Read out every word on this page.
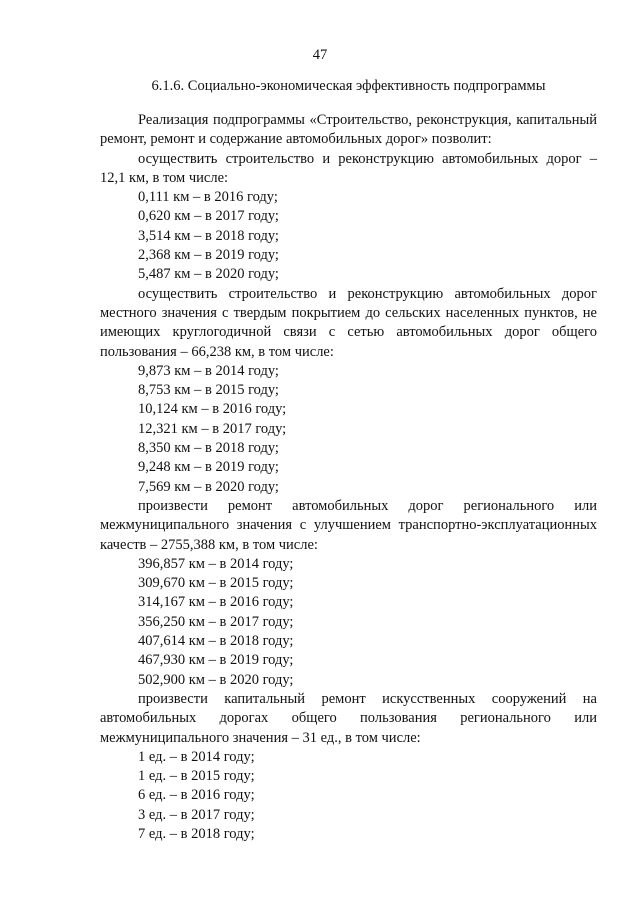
47
6.1.6. Социально-экономическая эффективность подпрограммы
Реализация подпрограммы «Строительство, реконструкция, капитальный ремонт, ремонт и содержание автомобильных дорог» позволит:
осуществить строительство и реконструкцию автомобильных дорог – 12,1 км, в том числе:
0,111 км – в 2016 году;
0,620 км – в 2017 году;
3,514 км – в 2018 году;
2,368 км – в 2019 году;
5,487 км – в 2020 году;
осуществить строительство и реконструкцию автомобильных дорог местного значения с твердым покрытием до сельских населенных пунктов, не имеющих круглогодичной связи с сетью автомобильных дорог общего пользования – 66,238 км, в том числе:
9,873 км – в 2014 году;
8,753 км – в 2015 году;
10,124 км – в 2016 году;
12,321 км – в 2017 году;
8,350 км – в 2018 году;
9,248 км – в 2019 году;
7,569 км – в 2020 году;
произвести ремонт автомобильных дорог регионального или межмуниципального значения с улучшением транспортно-эксплуатационных качеств – 2755,388 км, в том числе:
396,857 км – в 2014 году;
309,670 км – в 2015 году;
314,167 км – в 2016 году;
356,250 км – в 2017 году;
407,614 км – в 2018 году;
467,930 км – в 2019 году;
502,900 км – в 2020 году;
произвести капитальный ремонт искусственных сооружений на автомобильных дорогах общего пользования регионального или межмуниципального значения – 31 ед., в том числе:
1 ед. – в 2014 году;
1 ед. – в 2015 году;
6 ед. – в 2016 году;
3 ед. – в 2017 году;
7 ед. – в 2018 году;
